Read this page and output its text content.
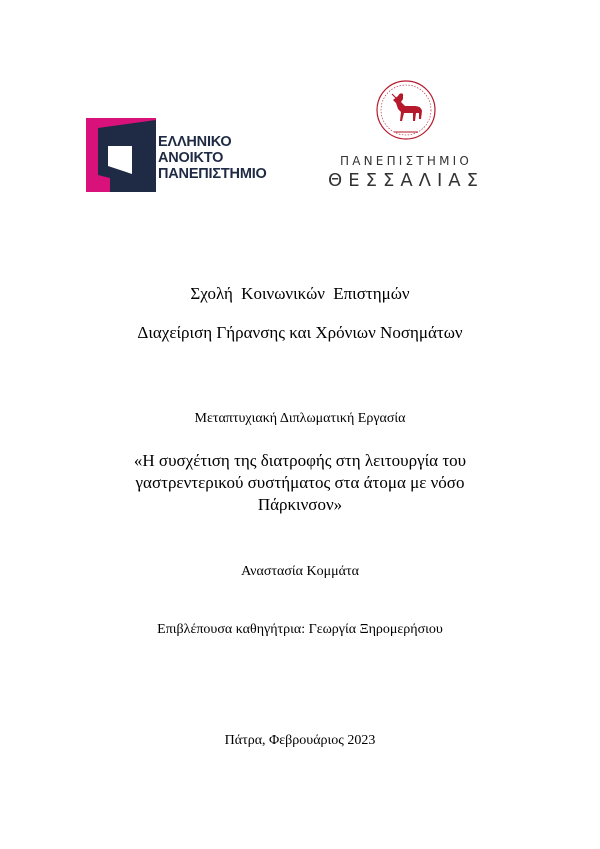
ΕΛΛΗΝΙΚΟ
ΑΝΟΙΚΤΟ
ΠΑΝΕΠΙΣΤΗΜΙΟ
ΠΑΝΕΠΙΣΤΗΜΙΟ
ΘΕΣΣΑΛΙΑΣ
Σχολή Κοινωνικών Επιστημών
Διαχείριση Γήρανσης και Χρόνιων Νοσημάτων
Μεταπτυχιακή Διπλωματική Εργασία
«Η συσχέτιση της διατροφής στη λειτουργία του
γαστρεντερικού συστήματος στα άτομα με νόσο
Πάρκινσον»
Αναστασία Κομμάτα
Επιβλέπουσα καθηγήτρια: Γεωργία Ξηρομερήσιου
Πάτρα, Φεβρουάριος 2023
